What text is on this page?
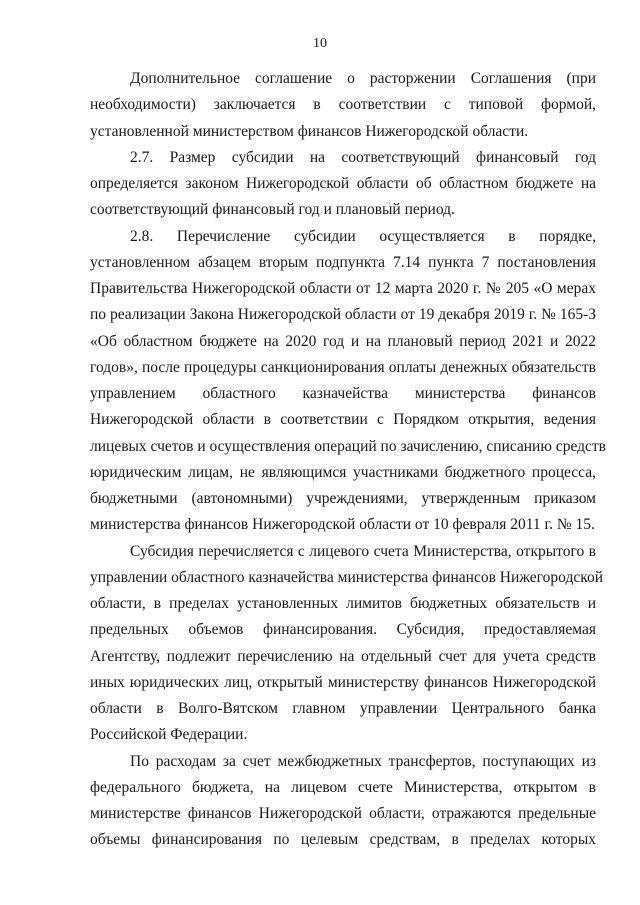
10
Дополнительное соглашение о расторжении Соглашения (при
необходимости) заключается в соответствии с типовой формой,
установленной министерством финансов Нижегородской области.
2.7. Размер субсидии на соответствующий финансовый год
определяется законом Нижегородской области об областном бюджете на
соответствующий финансовый год и плановый период.
2.8. Перечисление субсидии осуществляется в порядке,
установленном абзацем вторым подпункта 7.14 пункта 7 постановления
Правительства Нижегородской области от 12 марта 2020 г. № 205 «О мерах
по реализации Закона Нижегородской области от 19 декабря 2019 г. № 165-З
«Об областном бюджете на 2020 год и на плановый период 2021 и 2022
годов», после процедуры санкционирования оплаты денежных обязательств
управлением областного казначейства министерства финансов
Нижегородской области в соответствии с Порядком открытия, ведения
лицевых счетов и осуществления операций по зачислению, списанию средств
юридическим лицам, не являющимся участниками бюджетного процесса,
бюджетными (автономными) учреждениями, утвержденным приказом
министерства финансов Нижегородской области от 10 февраля 2011 г. № 15.
Субсидия перечисляется с лицевого счета Министерства, открытого в
управлении областного казначейства министерства финансов Нижегородской
области, в пределах установленных лимитов бюджетных обязательств и
предельных объемов финансирования. Субсидия, предоставляемая
Агентству, подлежит перечислению на отдельный счет для учета средств
иных юридических лиц, открытый министерству финансов Нижегородской
области в Волго-Вятском главном управлении Центрального банка
Российской Федерации.
По расходам за счет межбюджетных трансфертов, поступающих из
федерального бюджета, на лицевом счете Министерства, открытом в
министерстве финансов Нижегородской области, отражаются предельные
объемы финансирования по целевым средствам, в пределах которых
